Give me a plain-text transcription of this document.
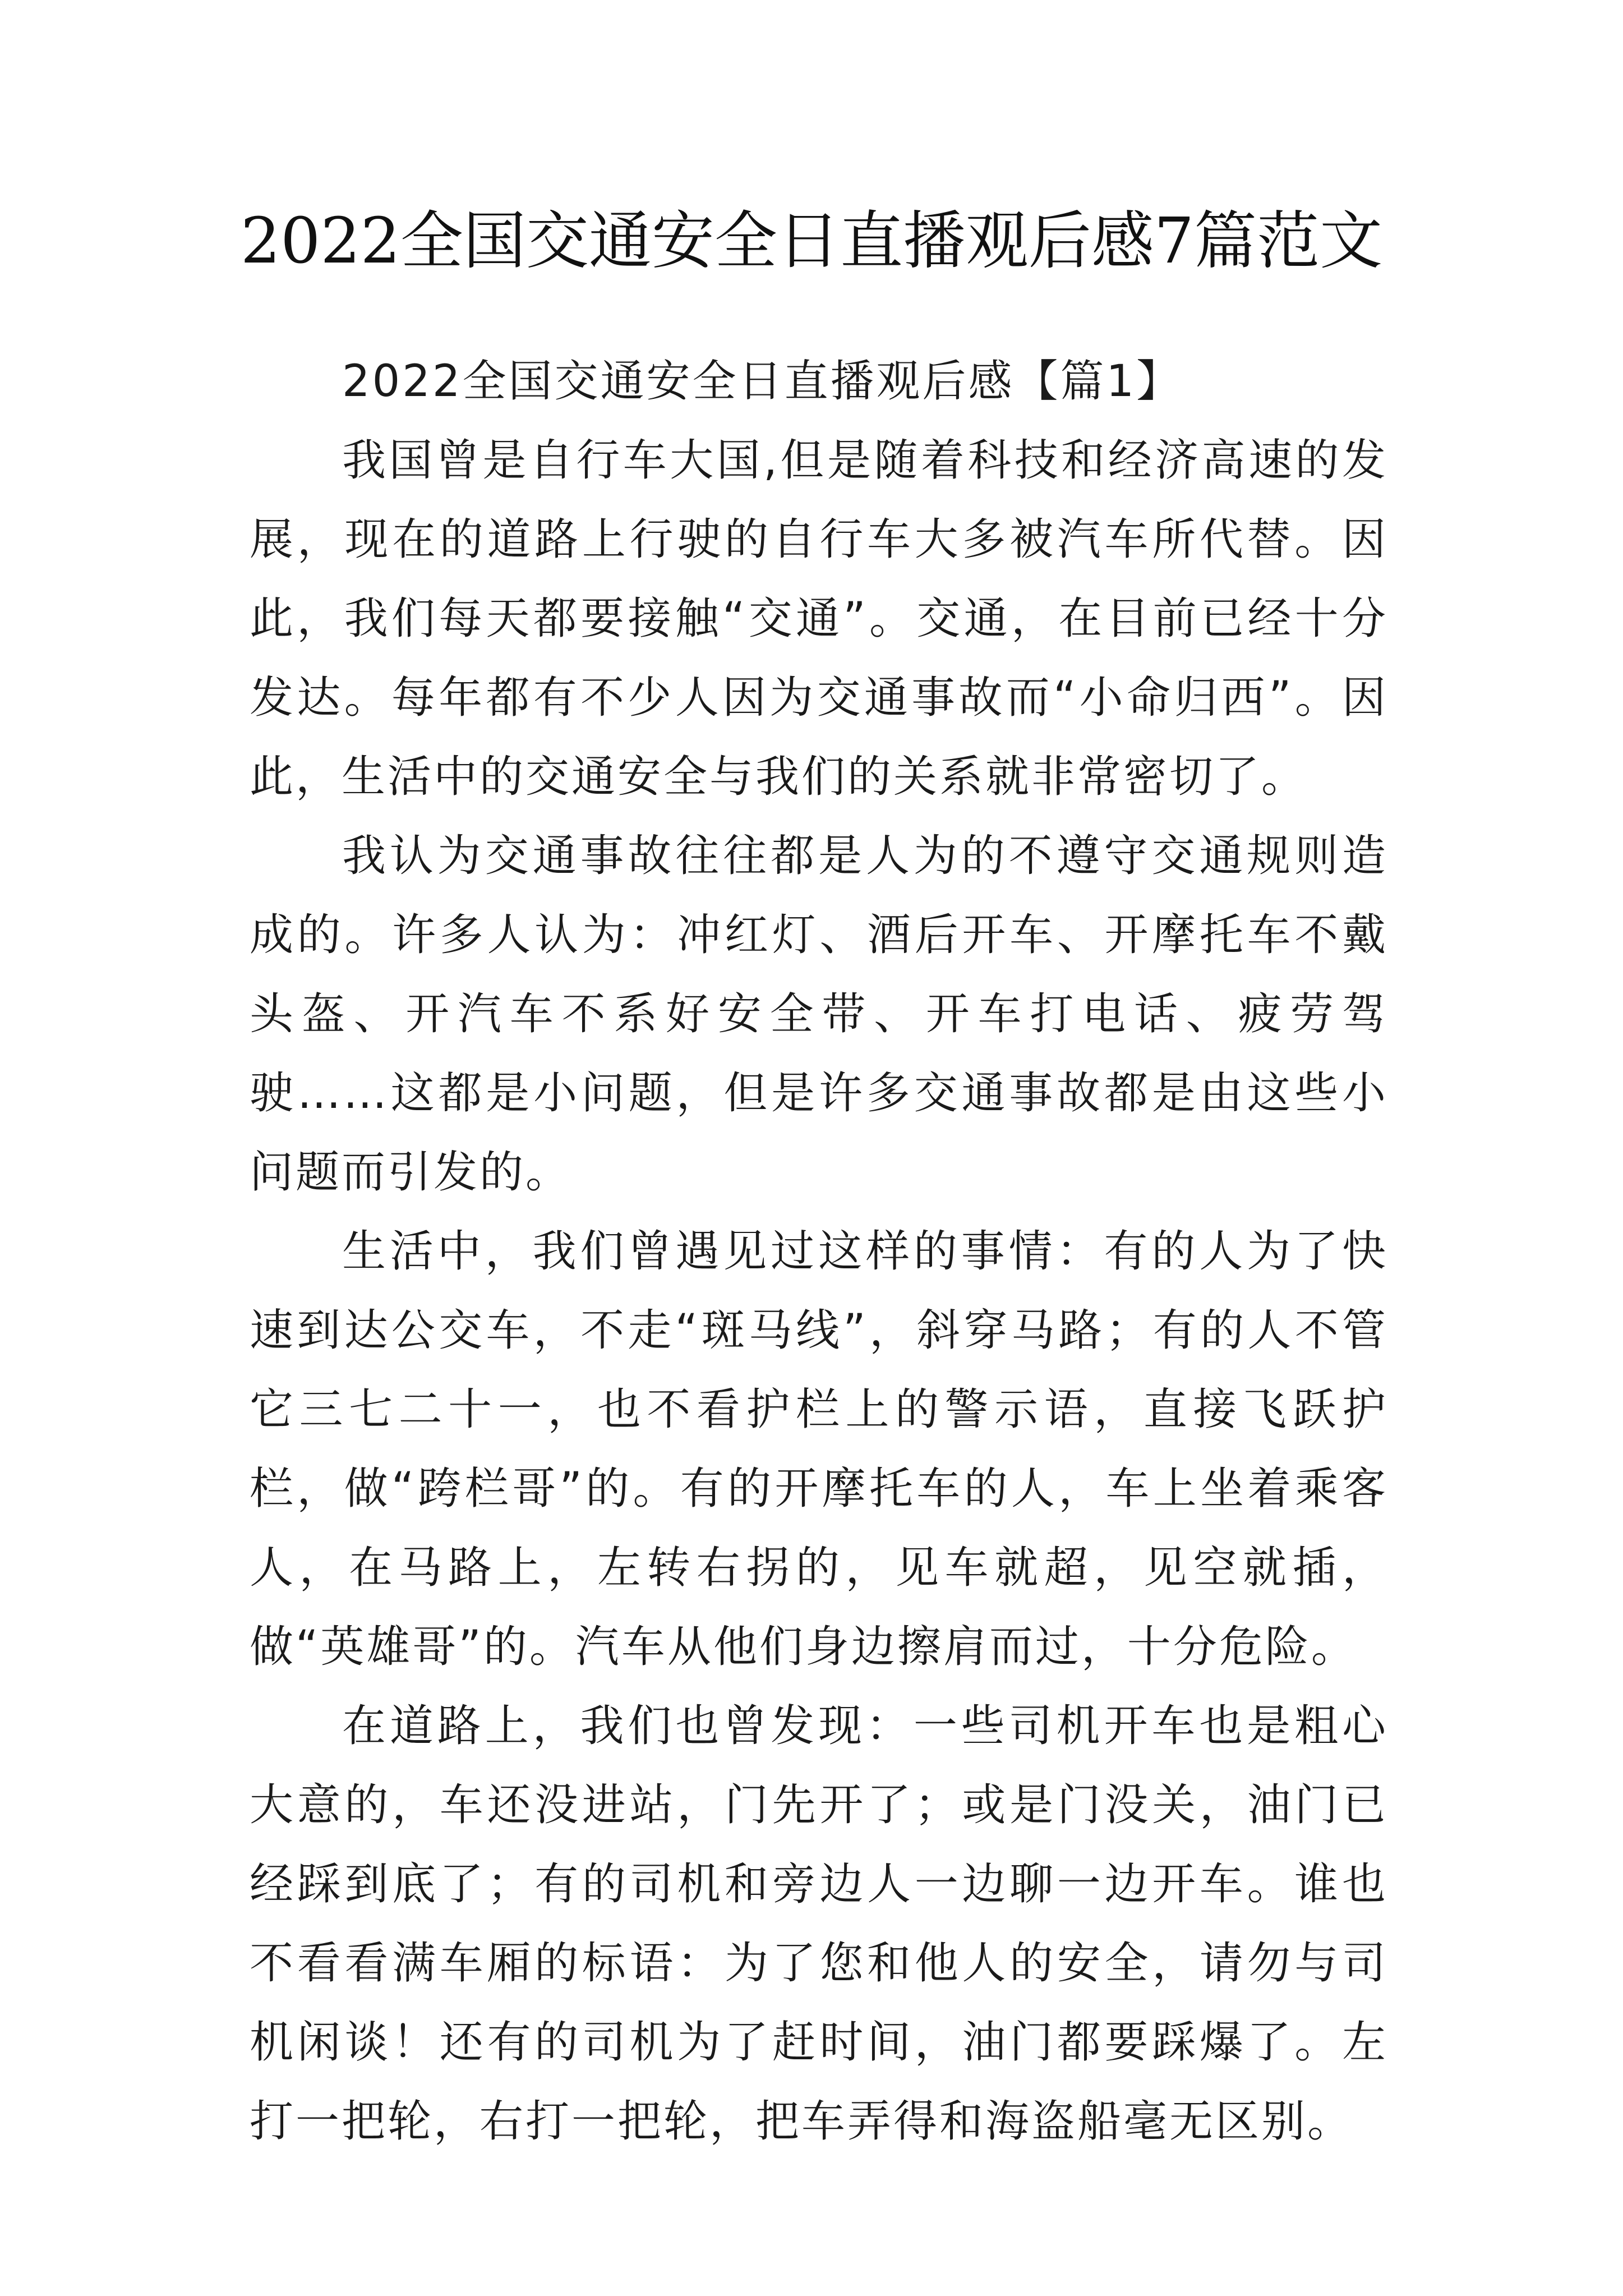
2022全国交通安全日直播观后感7篇范文

2022全国交通安全日直播观后感【篇1】

我国曾是自行车大国,但是随着科技和经济高速的发展，现在的道路上行驶的自行车大多被汽车所代替。因此，我们每天都要接触“交通”。交通，在目前已经十分发达。每年都有不少人因为交通事故而“小命归西”。因此，生活中的交通安全与我们的关系就非常密切了。

我认为交通事故往往都是人为的不遵守交通规则造成的。许多人认为：冲红灯、酒后开车、开摩托车不戴头盔、开汽车不系好安全带、开车打电话、疲劳驾驶……这都是小问题，但是许多交通事故都是由这些小问题而引发的。

生活中，我们曾遇见过这样的事情：有的人为了快速到达公交车，不走“斑马线”，斜穿马路；有的人不管它三七二十一，也不看护栏上的警示语，直接飞跃护栏，做“跨栏哥”的。有的开摩托车的人，车上坐着乘客人，在马路上，左转右拐的，见车就超，见空就插，做“英雄哥”的。汽车从他们身边擦肩而过，十分危险。

在道路上，我们也曾发现：一些司机开车也是粗心大意的，车还没进站，门先开了；或是门没关，油门已经踩到底了；有的司机和旁边人一边聊一边开车。谁也不看看满车厢的标语：为了您和他人的安全，请勿与司机闲谈！还有的司机为了赶时间，油门都要踩爆了。左打一把轮，右打一把轮，把车弄得和海盗船毫无区别。
